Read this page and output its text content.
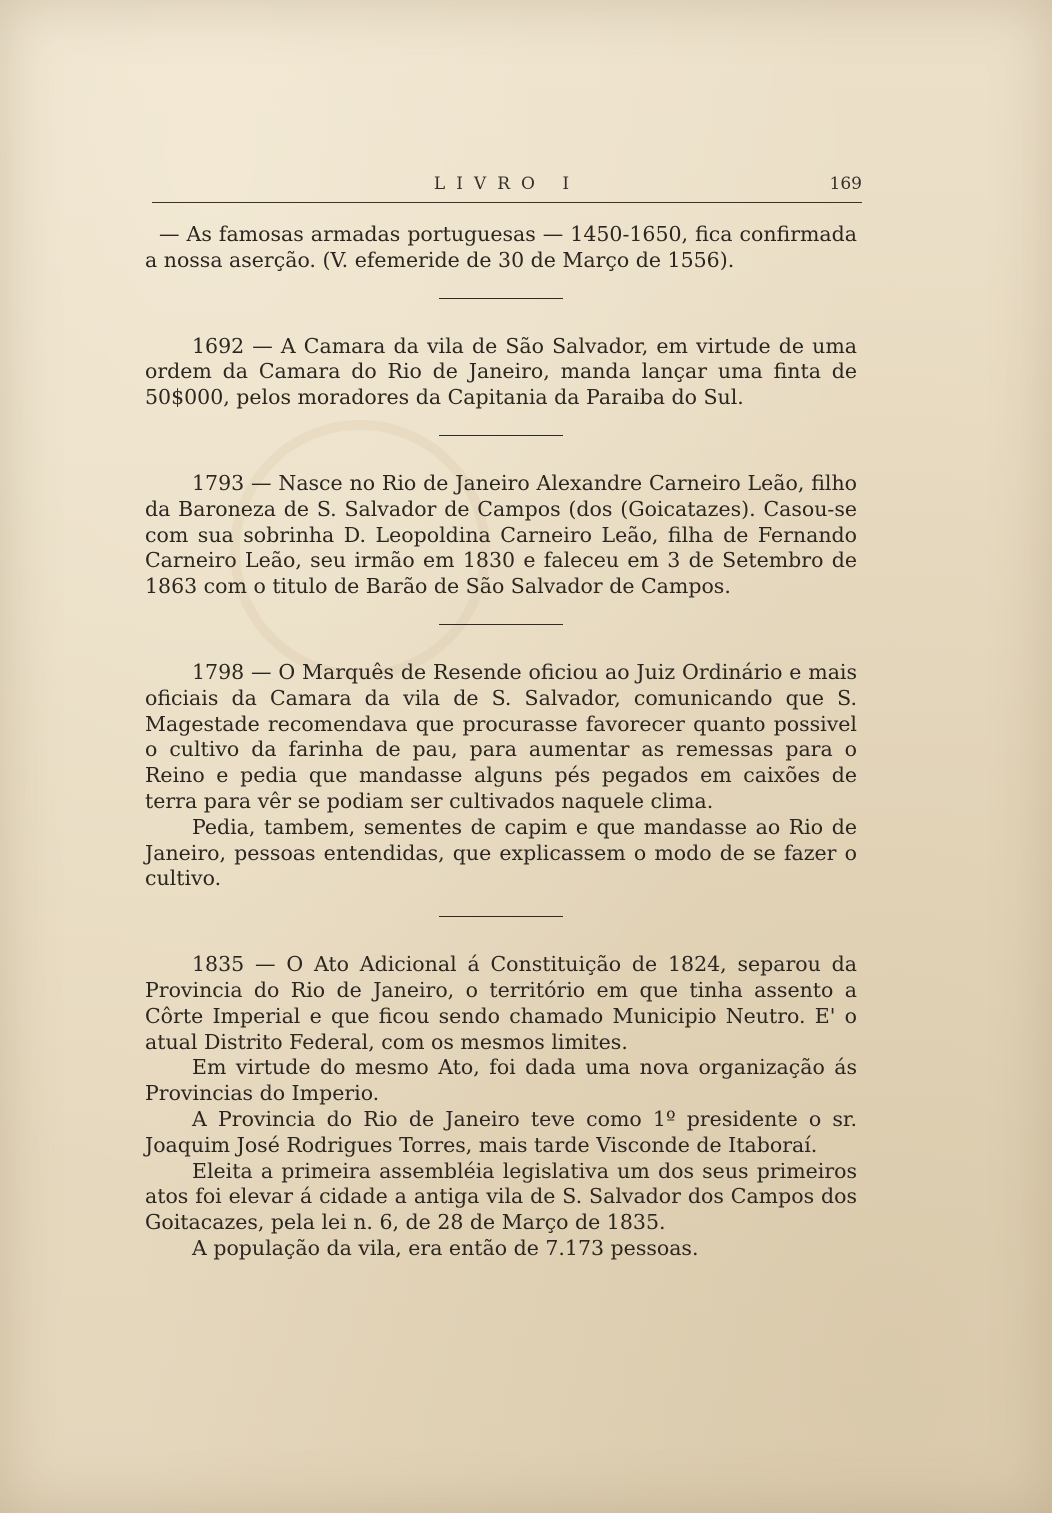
LIVRO I	169

— As famosas armadas portuguesas — 1450-1650, fica confirmada a nossa aserção. (V. efemeride de 30 de Março de 1556).

1692 — A Camara da vila de São Salvador, em virtude de uma ordem da Camara do Rio de Janeiro, manda lançar uma finta de 50$000, pelos moradores da Capitania da Paraiba do Sul.

1793 — Nasce no Rio de Janeiro Alexandre Carneiro Leão, filho da Baroneza de S. Salvador de Campos (dos (Goicatazes). Casou-se com sua sobrinha D. Leopoldina Carneiro Leão, filha de Fernando Carneiro Leão, seu irmão em 1830 e faleceu em 3 de Setembro de 1863 com o titulo de Barão de São Salvador de Campos.

1798 — O Marquês de Resende oficiou ao Juiz Ordinário e mais oficiais da Camara da vila de S. Salvador, comunicando que S. Magestade recomendava que procurasse favorecer quanto possivel o cultivo da farinha de pau, para aumentar as remessas para o Reino e pedia que mandasse alguns pés pegados em caixões de terra para vêr se podiam ser cultivados naquele clima.

Pedia, tambem, sementes de capim e que mandasse ao Rio de Janeiro, pessoas entendidas, que explicassem o modo de se fazer o cultivo.

1835 — O Ato Adicional á Constituição de 1824, separou da Provincia do Rio de Janeiro, o território em que tinha assento a Côrte Imperial e que ficou sendo chamado Municipio Neutro. E' o atual Distrito Federal, com os mesmos limites.

Em virtude do mesmo Ato, foi dada uma nova organização ás Provincias do Imperio.

A Provincia do Rio de Janeiro teve como 1º presidente o sr. Joaquim José Rodrigues Torres, mais tarde Visconde de Itaboraí.

Eleita a primeira assembléia legislativa um dos seus primeiros atos foi elevar á cidade a antiga vila de S. Salvador dos Campos dos Goitacazes, pela lei n. 6, de 28 de Março de 1835.

A população da vila, era então de 7.173 pessoas.
